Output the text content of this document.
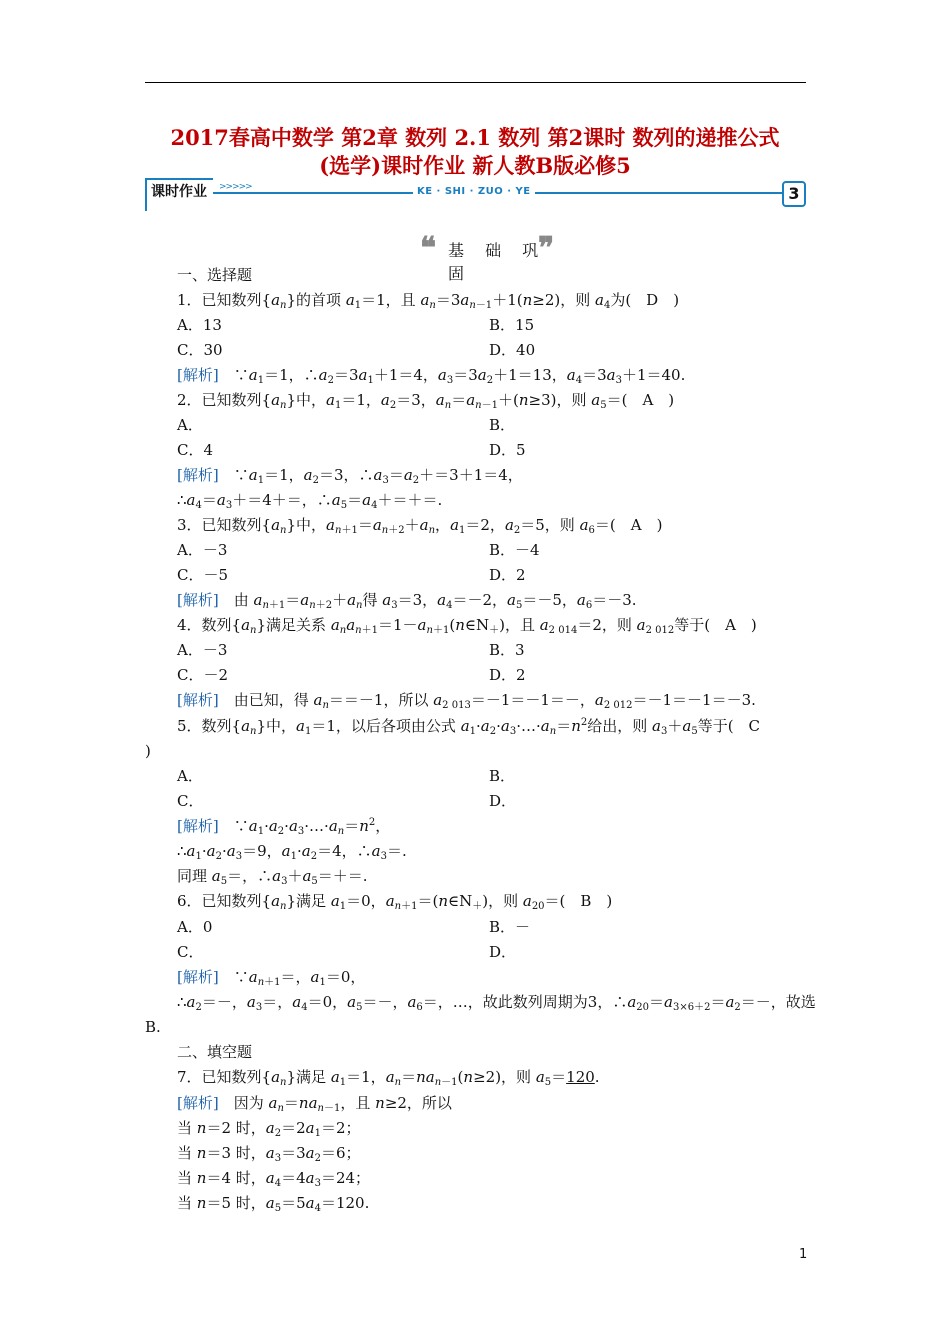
2017春高中数学 第2章 数列 2.1 数列 第2课时 数列的递推公式
(选学)课时作业 新人教B版必修5
课时作业 >>>>>	KE · SHI · ZUO · YE	3
❝ 基 础 巩 固
❞
一、选择题
1．已知数列$\{a_n\}$的首项 $a_1=1$，且 $a_n=3a_{n-1}+1(n\ge 2)$，则 $a_4$为(　D　)
A．13	B．15
C．30	D．40
[解析]　$\because a_1=1$，$\therefore a_2=3a_1+1=4$，$a_3=3a_2+1=13$，$a_4=3a_3+1=40$.
2．已知数列$\{a_n\}$中，$a_1=1$，$a_2=3$，$a_n=a_{n-1}+(n\ge 3)$，则 $a_5=$(　A　)
A．	B．
C．4	D．5
[解析]　$\because a_1=1$，$a_2=3$，$\therefore a_3=a_2+=3+1=4$，
$\therefore a_4=a_3+=4+=$，$\therefore a_5=a_4+=+=$.
3．已知数列$\{a_n\}$中，$a_{n+1}=a_{n+2}+a_n$，$a_1=2$，$a_2=5$，则 $a_6=$(　A　)
A．－3	B．－4
C．－5	D．2
[解析]　由 $a_{n+1}=a_{n+2}+a_n$得 $a_3=3$，$a_4=-2$，$a_5=-5$，$a_6=-3$.
4．数列$\{a_n\}$满足关系 $a_na_{n+1}=1-a_{n+1}(n\in N_+)$，且 $a_{2 014}=2$，则 $a_{2 012}$等于(　A　)
A．－3	B．3
C．－2	D．2
[解析]　由已知，得 $a_n==-1$，所以 $a_{2 013}=-1=-1=-$，$a_{2 012}=-1=-1=-3$.
5．数列$\{a_n\}$中，$a_1=1$，以后各项由公式 $a_1\cdot a_2\cdot a_3\cdot\dots\cdot a_n=n^2$给出，则 $a_3+a_5$等于(　C
)
A．	B．
C．	D．
[解析]　$\because a_1\cdot a_2\cdot a_3\cdot\dots\cdot a_n=n^2$，
$\therefore a_1\cdot a_2\cdot a_3=9$，$a_1\cdot a_2=4$，$\therefore a_3=$.
同理 $a_5=$，$\therefore a_3+a_5=+=$.
6．已知数列$\{a_n\}$满足 $a_1=0$，$a_{n+1}=(n\in N_+)$，则 $a_{20}=$(　B　)
A．0	B．－
C．	D．
[解析]　$\because a_{n+1}=$，$a_1=0$，
$\therefore a_2=-$，$a_3=$，$a_4=0$，$a_5=-$，$a_6=$，…，故此数列周期为3，$\therefore a_{20}=a_{3\times 6+2}=a_2=-$，故选
B.
二、填空题
7．已知数列$\{a_n\}$满足 $a_1=1$，$a_n=na_{n-1}(n\ge 2)$，则 $a_5=120$.
[解析]　因为 $a_n=na_{n-1}$，且 n≥2，所以
当 n＝2 时，$a_2=2a_1=2$；
当 n＝3 时，$a_3=3a_2=6$；
当 n＝4 时，$a_4=4a_3=24$；
当 n＝5 时，$a_5=5a_4=120$.
1
